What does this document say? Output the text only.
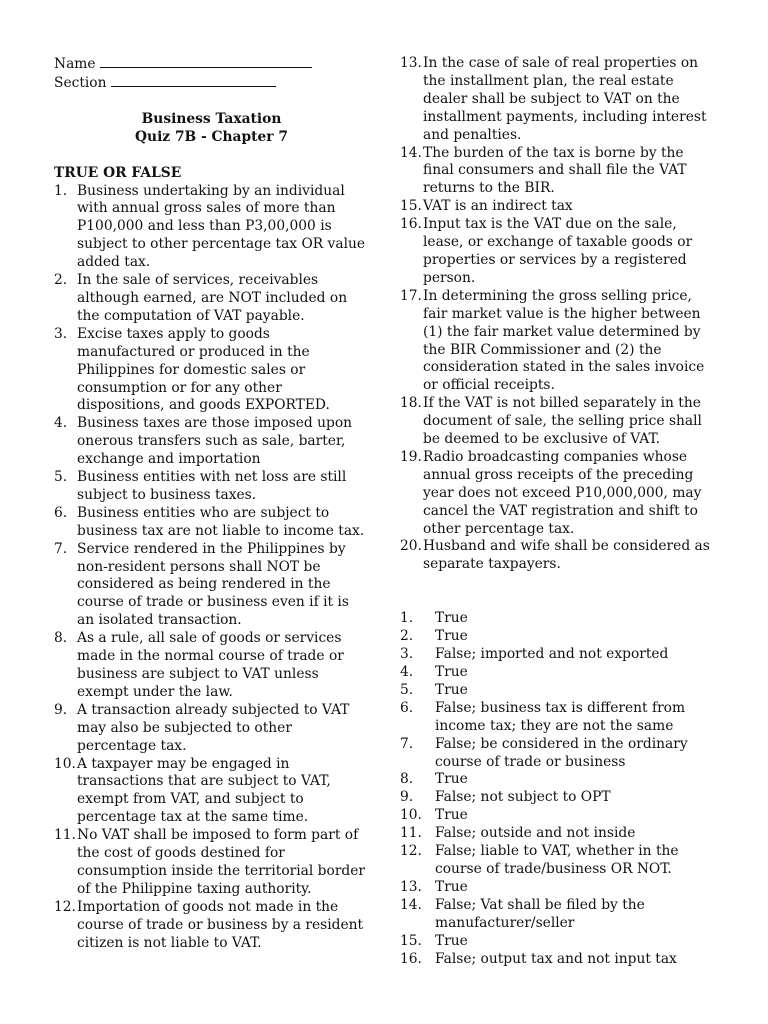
Name
Section
Business Taxation
Quiz 7B - Chapter 7
TRUE OR FALSE
1. Business undertaking by an individual with annual gross sales of more than P100,000 and less than P3,00,000 is subject to other percentage tax OR value added tax.
2. In the sale of services, receivables although earned, are NOT included on the computation of VAT payable.
3. Excise taxes apply to goods manufactured or produced in the Philippines for domestic sales or consumption or for any other dispositions, and goods EXPORTED.
4. Business taxes are those imposed upon onerous transfers such as sale, barter, exchange and importation
5. Business entities with net loss are still subject to business taxes.
6. Business entities who are subject to business tax are not liable to income tax.
7. Service rendered in the Philippines by non-resident persons shall NOT be considered as being rendered in the course of trade or business even if it is an isolated transaction.
8. As a rule, all sale of goods or services made in the normal course of trade or business are subject to VAT unless exempt under the law.
9. A transaction already subjected to VAT may also be subjected to other percentage tax.
10. A taxpayer may be engaged in transactions that are subject to VAT, exempt from VAT, and subject to percentage tax at the same time.
11. No VAT shall be imposed to form part of the cost of goods destined for consumption inside the territorial border of the Philippine taxing authority.
12. Importation of goods not made in the course of trade or business by a resident citizen is not liable to VAT.
13. In the case of sale of real properties on the installment plan, the real estate dealer shall be subject to VAT on the installment payments, including interest and penalties.
14. The burden of the tax is borne by the final consumers and shall file the VAT returns to the BIR.
15. VAT is an indirect tax
16. Input tax is the VAT due on the sale, lease, or exchange of taxable goods or properties or services by a registered person.
17. In determining the gross selling price, fair market value is the higher between (1) the fair market value determined by the BIR Commissioner and (2) the consideration stated in the sales invoice or official receipts.
18. If the VAT is not billed separately in the document of sale, the selling price shall be deemed to be exclusive of VAT.
19. Radio broadcasting companies whose annual gross receipts of the preceding year does not exceed P10,000,000, may cancel the VAT registration and shift to other percentage tax.
20. Husband and wife shall be considered as separate taxpayers.
1.	True
2.	True
3.	False; imported and not exported
4.	True
5.	True
6.	False; business tax is different from income tax; they are not the same
7.	False; be considered in the ordinary course of trade or business
8.	True
9.	False; not subject to OPT
10. True
11. False; outside and not inside
12. False; liable to VAT, whether in the course of trade/business OR NOT.
13. True
14. False; Vat shall be filed by the manufacturer/seller
15. True
16. False; output tax and not input tax
